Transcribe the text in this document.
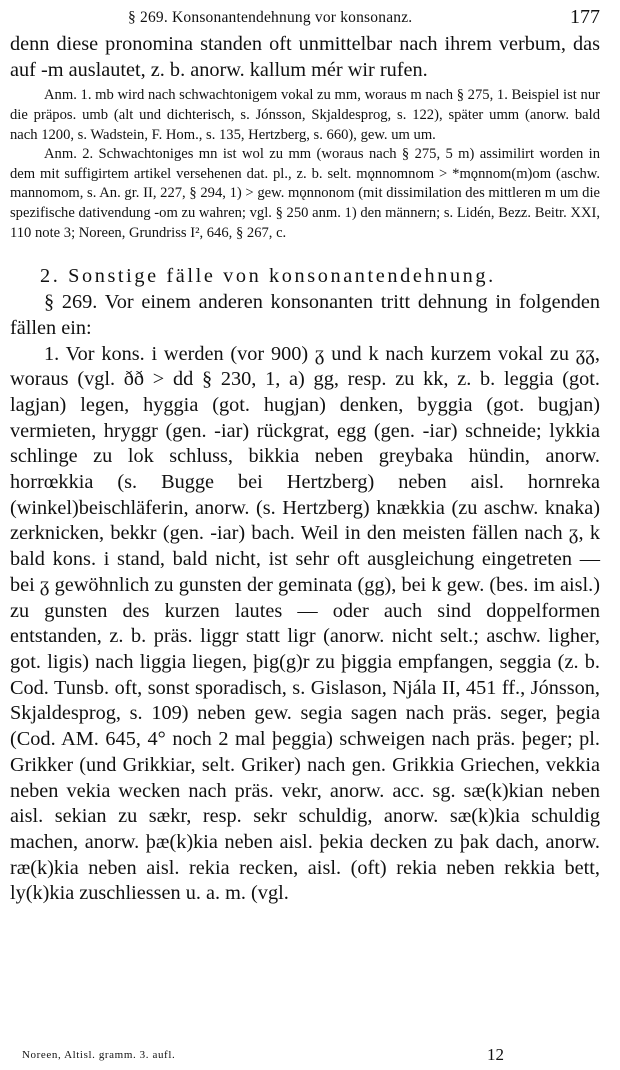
§ 269. Konsonantendehnung vor konsonanz.	177

denn diese pronomina standen oft unmittelbar nach ihrem verbum, das auf -m auslautet, z. b. anorw. kallum mér wir rufen.

Anm. 1. mb wird nach schwachtonigem vokal zu mm, woraus m nach § 275, 1. Beispiel ist nur die präpos. umb (alt und dichterisch, s. Jónsson, Skjaldesprog, s. 122), später umm (anorw. bald nach 1200, s. Wadstein, F. Hom., s. 135, Hertzberg, s. 660), gew. um um.

Anm. 2. Schwachtoniges mn ist wol zu mm (woraus nach § 275, 5 m) assimilirt worden in dem mit suffigirtem artikel versehenen dat. pl., z. b. selt. mǫnnomnom > *mǫnnom(m)om (aschw. mannomom, s. An. gr. II, 227, § 294, 1) > gew. mǫnnonom (mit dissimilation des mittleren m um die spezifische dativendung -om zu wahren; vgl. § 250 anm. 1) den männern; s. Lidén, Bezz. Beitr. XXI, 110 note 3; Noreen, Grundriss I², 646, § 267, c.

2. Sonstige fälle von konsonantendehnung.

§ 269. Vor einem anderen konsonanten tritt dehnung in folgenden fällen ein:

1. Vor kons. i werden (vor 900) ᵹ und k nach kurzem vokal zu ᵹᵹ, woraus (vgl. ðð > dd § 230, 1, a) gg, resp. zu kk, z. b. leggia (got. lagjan) legen, hyggia (got. hugjan) denken, byggia (got. bugjan) vermieten, hryggr (gen. -iar) rückgrat, egg (gen. -iar) schneide; lykkia schlinge zu lok schluss, bikkia neben greybaka hündin, anorw. horrœkkia (s. Bugge bei Hertzberg) neben aisl. hornreka (winkel)beischläferin, anorw. (s. Hertzberg) knækkia (zu aschw. knaka) zerknicken, bekkr (gen. -iar) bach. Weil in den meisten fällen nach ᵹ, k bald kons. i stand, bald nicht, ist sehr oft ausgleichung eingetreten — bei ᵹ gewöhnlich zu gunsten der geminata (gg), bei k gew. (bes. im aisl.) zu gunsten des kurzen lautes — oder auch sind doppelformen entstanden, z. b. präs. liggr statt ligr (anorw. nicht selt.; aschw. ligher, got. ligis) nach liggia liegen, þig(g)r zu þiggia empfangen, seggia (z. b. Cod. Tunsb. oft, sonst sporadisch, s. Gislason, Njála II, 451 ff., Jónsson, Skjaldesprog, s. 109) neben gew. segia sagen nach präs. seger, þegia (Cod. AM. 645, 4° noch 2 mal þeggia) schweigen nach präs. þeger; pl. Grikker (und Grikkiar, selt. Griker) nach gen. Grikkia Griechen, vekkia neben vekia wecken nach präs. vekr, anorw. acc. sg. sæ(k)kian neben aisl. sekian zu sækr, resp. sekr schuldig, anorw. sæ(k)kia schuldig machen, anorw. þæ(k)kia neben aisl. þekia decken zu þak dach, anorw. ræ(k)kia neben aisl. rekia recken, aisl. (oft) rekia neben rekkia bett, ly(k)kia zuschliessen u. a. m. (vgl.

Noreen, Altisl. gramm. 3. aufl.	12
